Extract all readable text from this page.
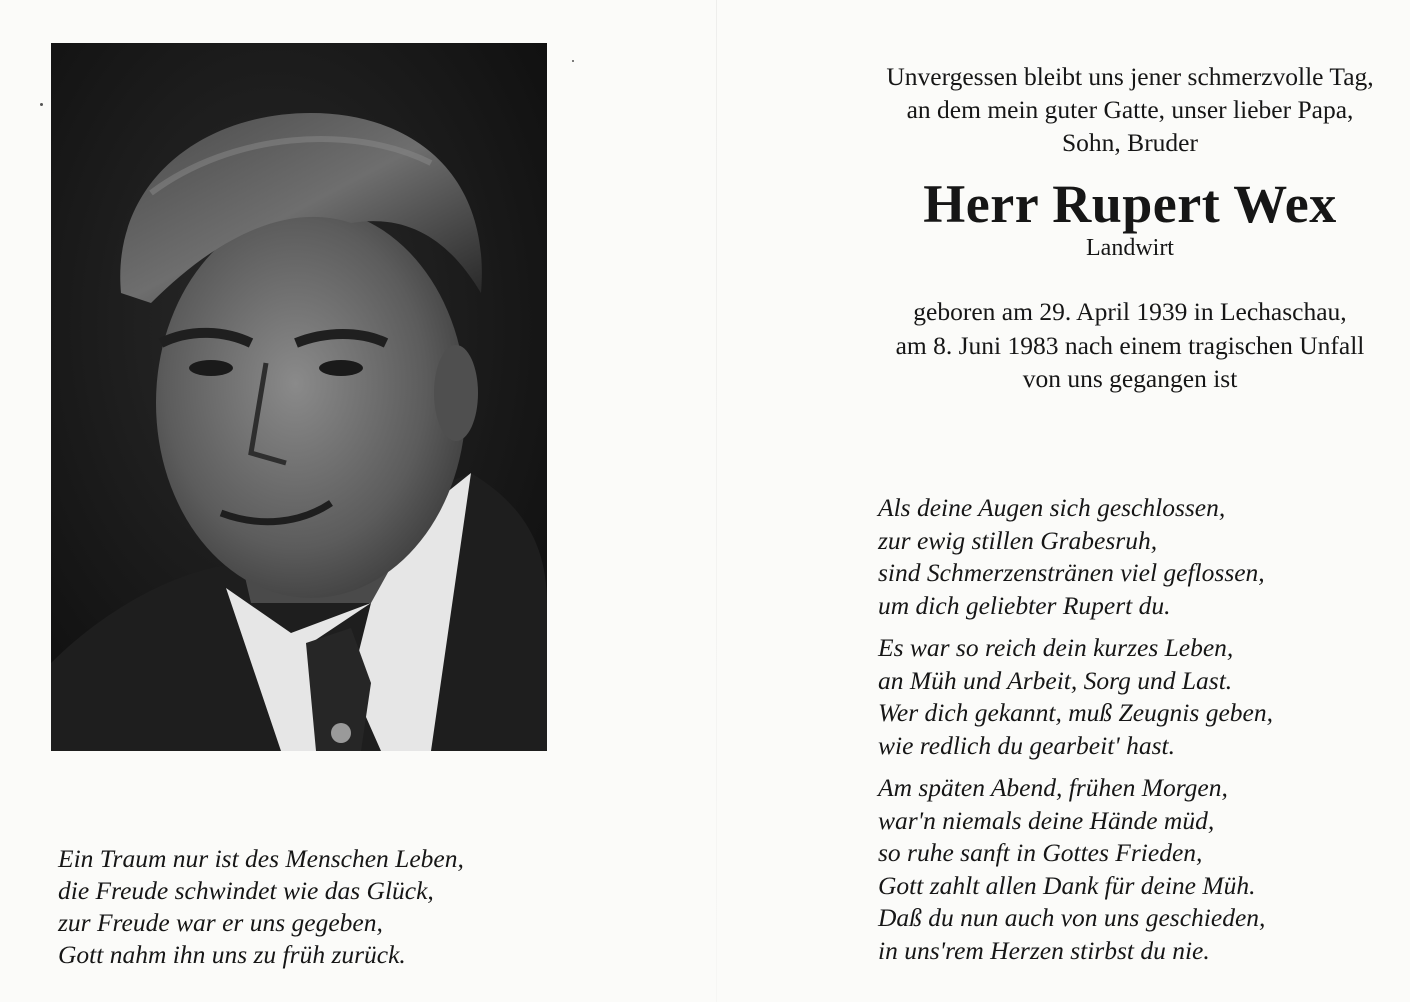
Ein Traum nur ist des Menschen Leben,
die Freude schwindet wie das Glück,
zur Freude war er uns gegeben,
Gott nahm ihn uns zu früh zurück.
Unvergessen bleibt uns jener schmerzvolle Tag,
an dem mein guter Gatte, unser lieber Papa,
Sohn, Bruder
Herr Rupert Wex
Landwirt
geboren am 29. April 1939 in Lechaschau,
am 8. Juni 1983 nach einem tragischen Unfall
von uns gegangen ist
Als deine Augen sich geschlossen,
zur ewig stillen Grabesruh,
sind Schmerzenstränen viel geflossen,
um dich geliebter Rupert du.
Es war so reich dein kurzes Leben,
an Müh und Arbeit, Sorg und Last.
Wer dich gekannt, muß Zeugnis geben,
wie redlich du gearbeit' hast.
Am späten Abend, frühen Morgen,
war'n niemals deine Hände müd,
so ruhe sanft in Gottes Frieden,
Gott zahlt allen Dank für deine Müh.
Daß du nun auch von uns geschieden,
in uns'rem Herzen stirbst du nie.
